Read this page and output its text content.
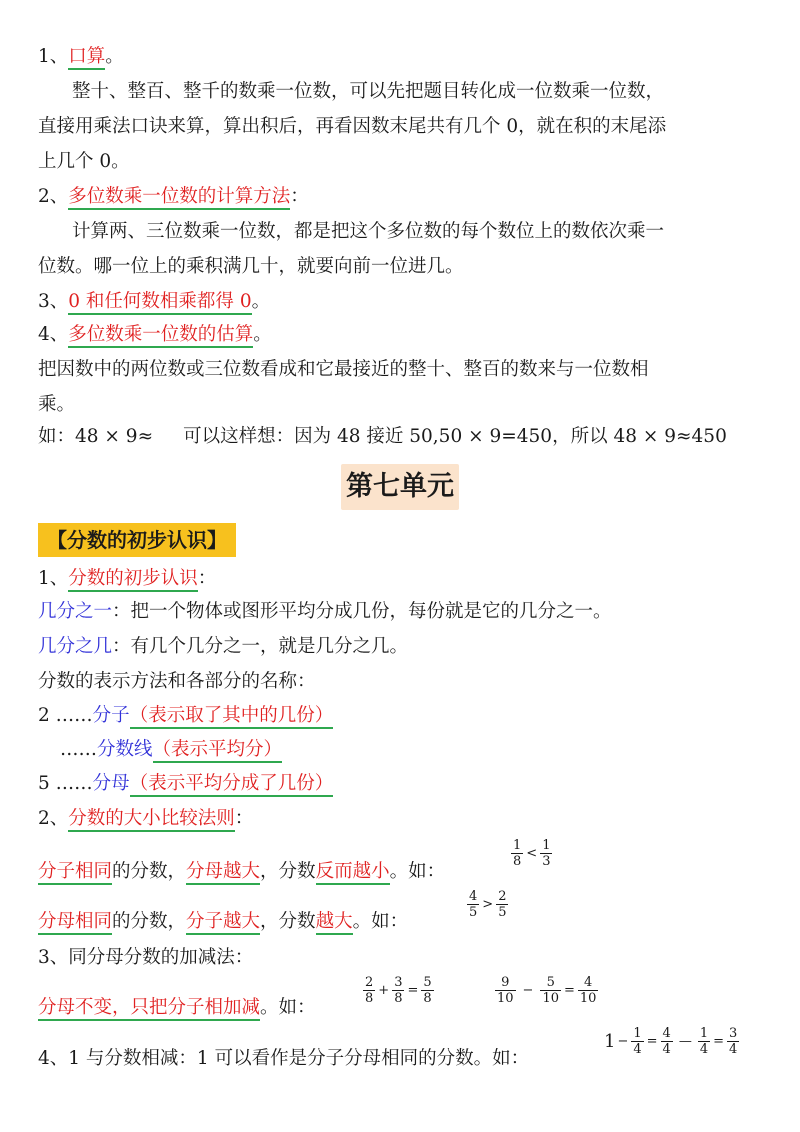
1、口算。
整十、整百、整千的数乘一位数，可以先把题目转化成一位数乘一位数，
直接用乘法口诀来算，算出积后，再看因数末尾共有几个 0，就在积的末尾添
上几个 0。
2、多位数乘一位数的计算方法：
计算两、三位数乘一位数，都是把这个多位数的每个数位上的数依次乘一
位数。哪一位上的乘积满几十，就要向前一位进几。
3、0 和任何数相乘都得 0。
4、多位数乘一位数的估算。
把因数中的两位数或三位数看成和它最接近的整十、整百的数来与一位数相
乘。
如：48 × 9≈ 可以这样想：因为 48 接近 50,50 × 9=450，所以 48 × 9≈450
第七单元
【分数的初步认识】
1、分数的初步认识：
几分之一：把一个物体或图形平均分成几份，每份就是它的几分之一。
几分之几：有几个几分之一，就是几分之几。
分数的表示方法和各部分的名称：
2 ……分子（表示取了其中的几份）
……分数线（表示平均分）
5 ……分母（表示平均分成了几份）
2、分数的大小比较法则：
分子相同的分数，分母越大，分数反而越小。如：
$\frac{1}{8} < \frac{1}{3}$
分母相同的分数，分子越大，分数越大。如：
$\frac{4}{5} > \frac{2}{5}$
3、同分母分数的加减法：
分母不变，只把分子相加减。如：
$\frac{2}{8} + \frac{3}{8} = \frac{5}{8}$	$\frac{9}{10} - \frac{5}{10} = \frac{4}{10}$
4、1 与分数相减：1 可以看作是分子分母相同的分数。如：
$1 - \frac{1}{4} = \frac{4}{4}$ — $\frac{1}{4} = \frac{3}{4}$
